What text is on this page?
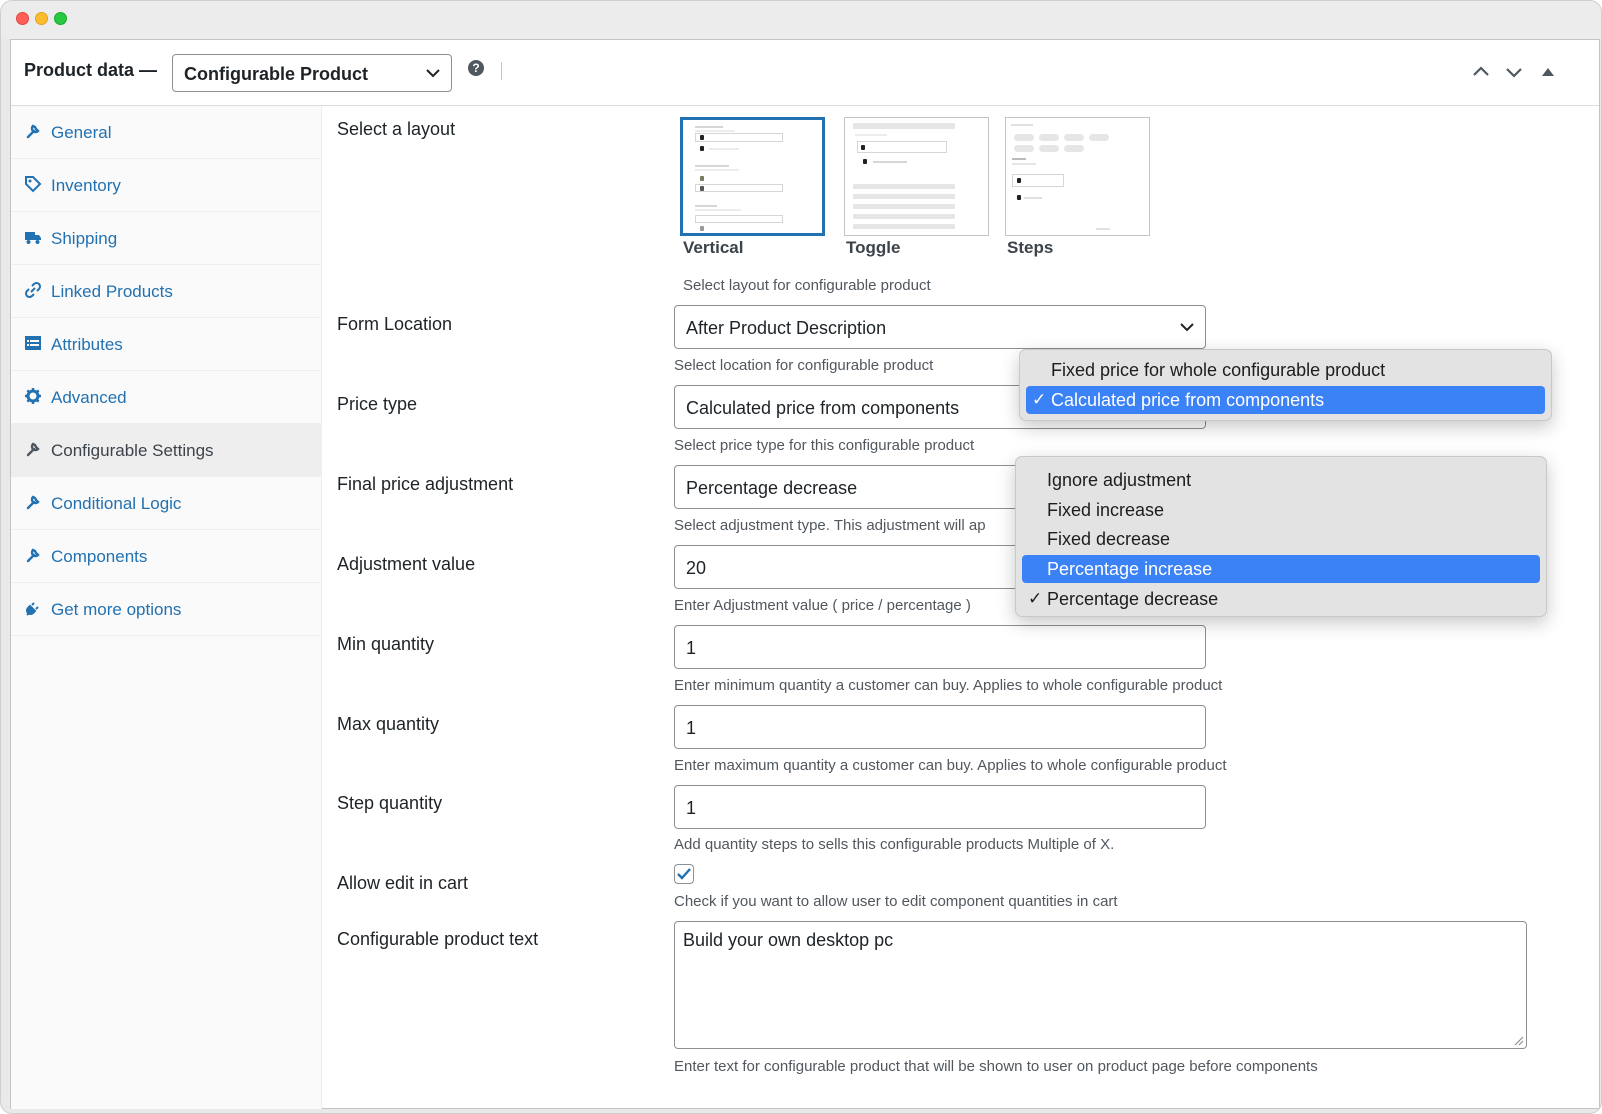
Product data — Configurable Product	?
General
Inventory
Shipping
Linked Products
Attributes
Advanced
Configurable Settings
Conditional Logic
Components
Get more options
Select a layout
Vertical	Toggle	Steps
Select layout for configurable product
Form Location	After Product Description
Select location for configurable product
Price type	Calculated price from components
Select price type for this configurable product
Final price adjustment	Percentage decrease
Select adjustment type. This adjustment will ap
Adjustment value	20
Enter Adjustment value ( price / percentage )
Min quantity	1
Enter minimum quantity a customer can buy. Applies to whole configurable product
Max quantity	1
Enter maximum quantity a customer can buy. Applies to whole configurable product
Step quantity	1
Add quantity steps to sells this configurable products Multiple of X.
Allow edit in cart
Check if you want to allow user to edit component quantities in cart
Configurable product text	Build your own desktop pc
Enter text for configurable product that will be shown to user on product page before components
Fixed price for whole configurable product
✓ Calculated price from components
Ignore adjustment
Fixed increase
Fixed decrease
Percentage increase
✓ Percentage decrease
